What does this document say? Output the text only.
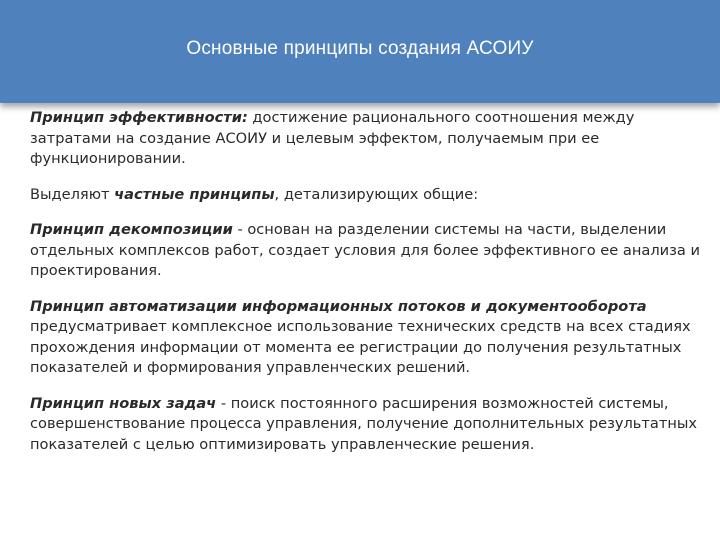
Основные принципы создания АСОИУ

Принцип эффективности: достижение рационального соотношения между затратами на создание АСОИУ и целевым эффектом, получаемым при ее функционировании.

Выделяют частные принципы, детализирующих общие:

Принцип декомпозиции - основан на разделении системы на части, выделении отдельных комплексов работ, создает условия для более эффективного ее анализа и проектирования.

Принцип автоматизации информационных потоков и документооборота предусматривает комплексное использование технических средств на всех стадиях прохождения информации от момента ее регистрации до получения результатных показателей и формирования управленческих решений.

Принцип новых задач - поиск постоянного расширения возможностей системы, совершенствование процесса управления, получение дополнительных результатных показателей с целью оптимизировать управленческие решения.
